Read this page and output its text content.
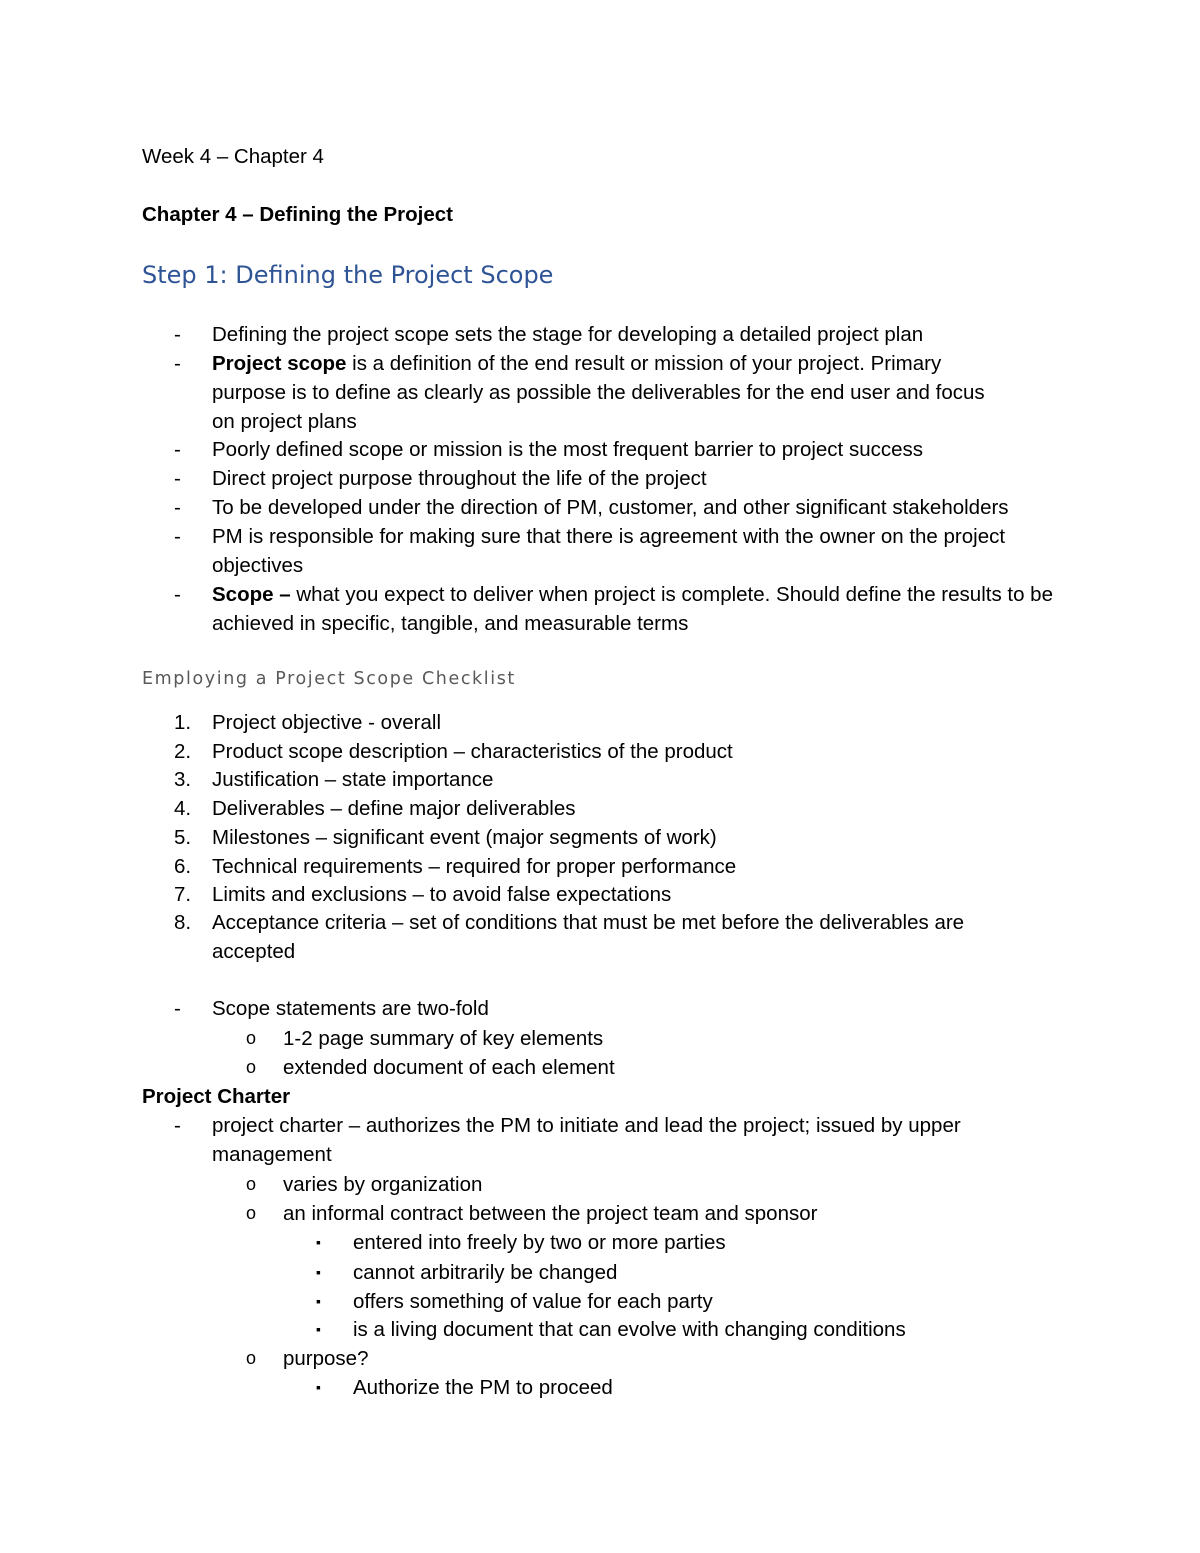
Week 4 – Chapter 4
Chapter 4 – Defining the Project
Step 1: Defining the Project Scope
- Defining the project scope sets the stage for developing a detailed project plan
- Project scope is a definition of the end result or mission of your project. Primary purpose is to define as clearly as possible the deliverables for the end user and focus on project plans
- Poorly defined scope or mission is the most frequent barrier to project success
- Direct project purpose throughout the life of the project
- To be developed under the direction of PM, customer, and other significant stakeholders
- PM is responsible for making sure that there is agreement with the owner on the project objectives
- Scope – what you expect to deliver when project is complete. Should define the results to be achieved in specific, tangible, and measurable terms
Employing a Project Scope Checklist
1. Project objective - overall
2. Product scope description – characteristics of the product
3. Justification – state importance
4. Deliverables – define major deliverables
5. Milestones – significant event (major segments of work)
6. Technical requirements – required for proper performance
7. Limits and exclusions – to avoid false expectations
8. Acceptance criteria – set of conditions that must be met before the deliverables are accepted
- Scope statements are two-fold
o 1-2 page summary of key elements
o extended document of each element
Project Charter
- project charter – authorizes the PM to initiate and lead the project; issued by upper management
o varies by organization
o an informal contract between the project team and sponsor
▪ entered into freely by two or more parties
▪ cannot arbitrarily be changed
▪ offers something of value for each party
▪ is a living document that can evolve with changing conditions
o purpose?
▪ Authorize the PM to proceed
